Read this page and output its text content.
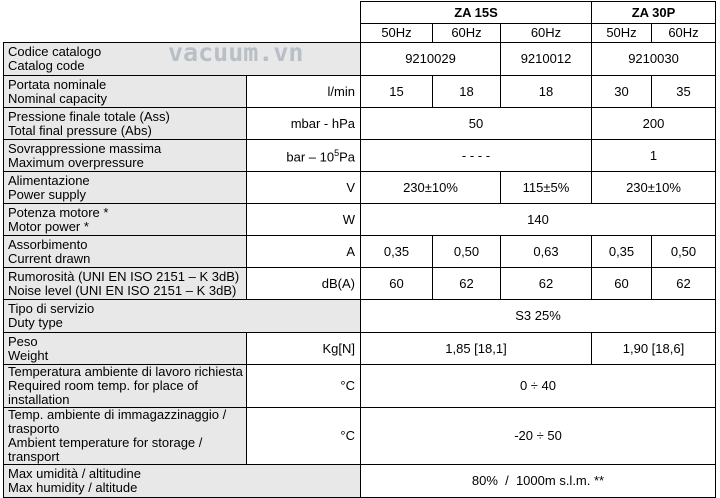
		ZA 15S			ZA 30P	
		50Hz	60Hz	60Hz	50Hz	60Hz

Codice catalogo
Catalog code		9210029		9210012	9210030	

Portata nominale
Nominal capacity	l/min	15	18	18	30	35

Pressione finale totale (Ass)
Total final pressure (Abs)	mbar - hPa	50			200	

Sovrappressione massima
Maximum overpressure	bar – $10^5Pa$	- - - -			1	

Alimentazione
Power supply	V	230±10%		115±5%	230±10%	

Potenza motore *
Motor power *	W	140				

Assorbimento
Current drawn	A	0,35	0,50	0,63	0,35	0,50

Rumorosità (UNI EN ISO 2151 – K 3dB)
Noise level (UNI EN ISO 2151 – K 3dB)	dB(A)	60	62	62	60	62

Tipo di servizio
Duty type		S3 25%				

Peso
Weight	Kg[N]	1,85 [18,1]			1,90 [18,6]	

Temperatura ambiente di lavoro richiesta
Required room temp. for place of installation	°C	0 ÷ 40				

Temp. ambiente di immagazzinaggio / trasporto
Ambient temperature for storage / transport	°C	-20 ÷ 50				

Max umidità / altitudine
Max humidity / altitude		80%  /  1000m s.l.m. **				
vacuum.vn
